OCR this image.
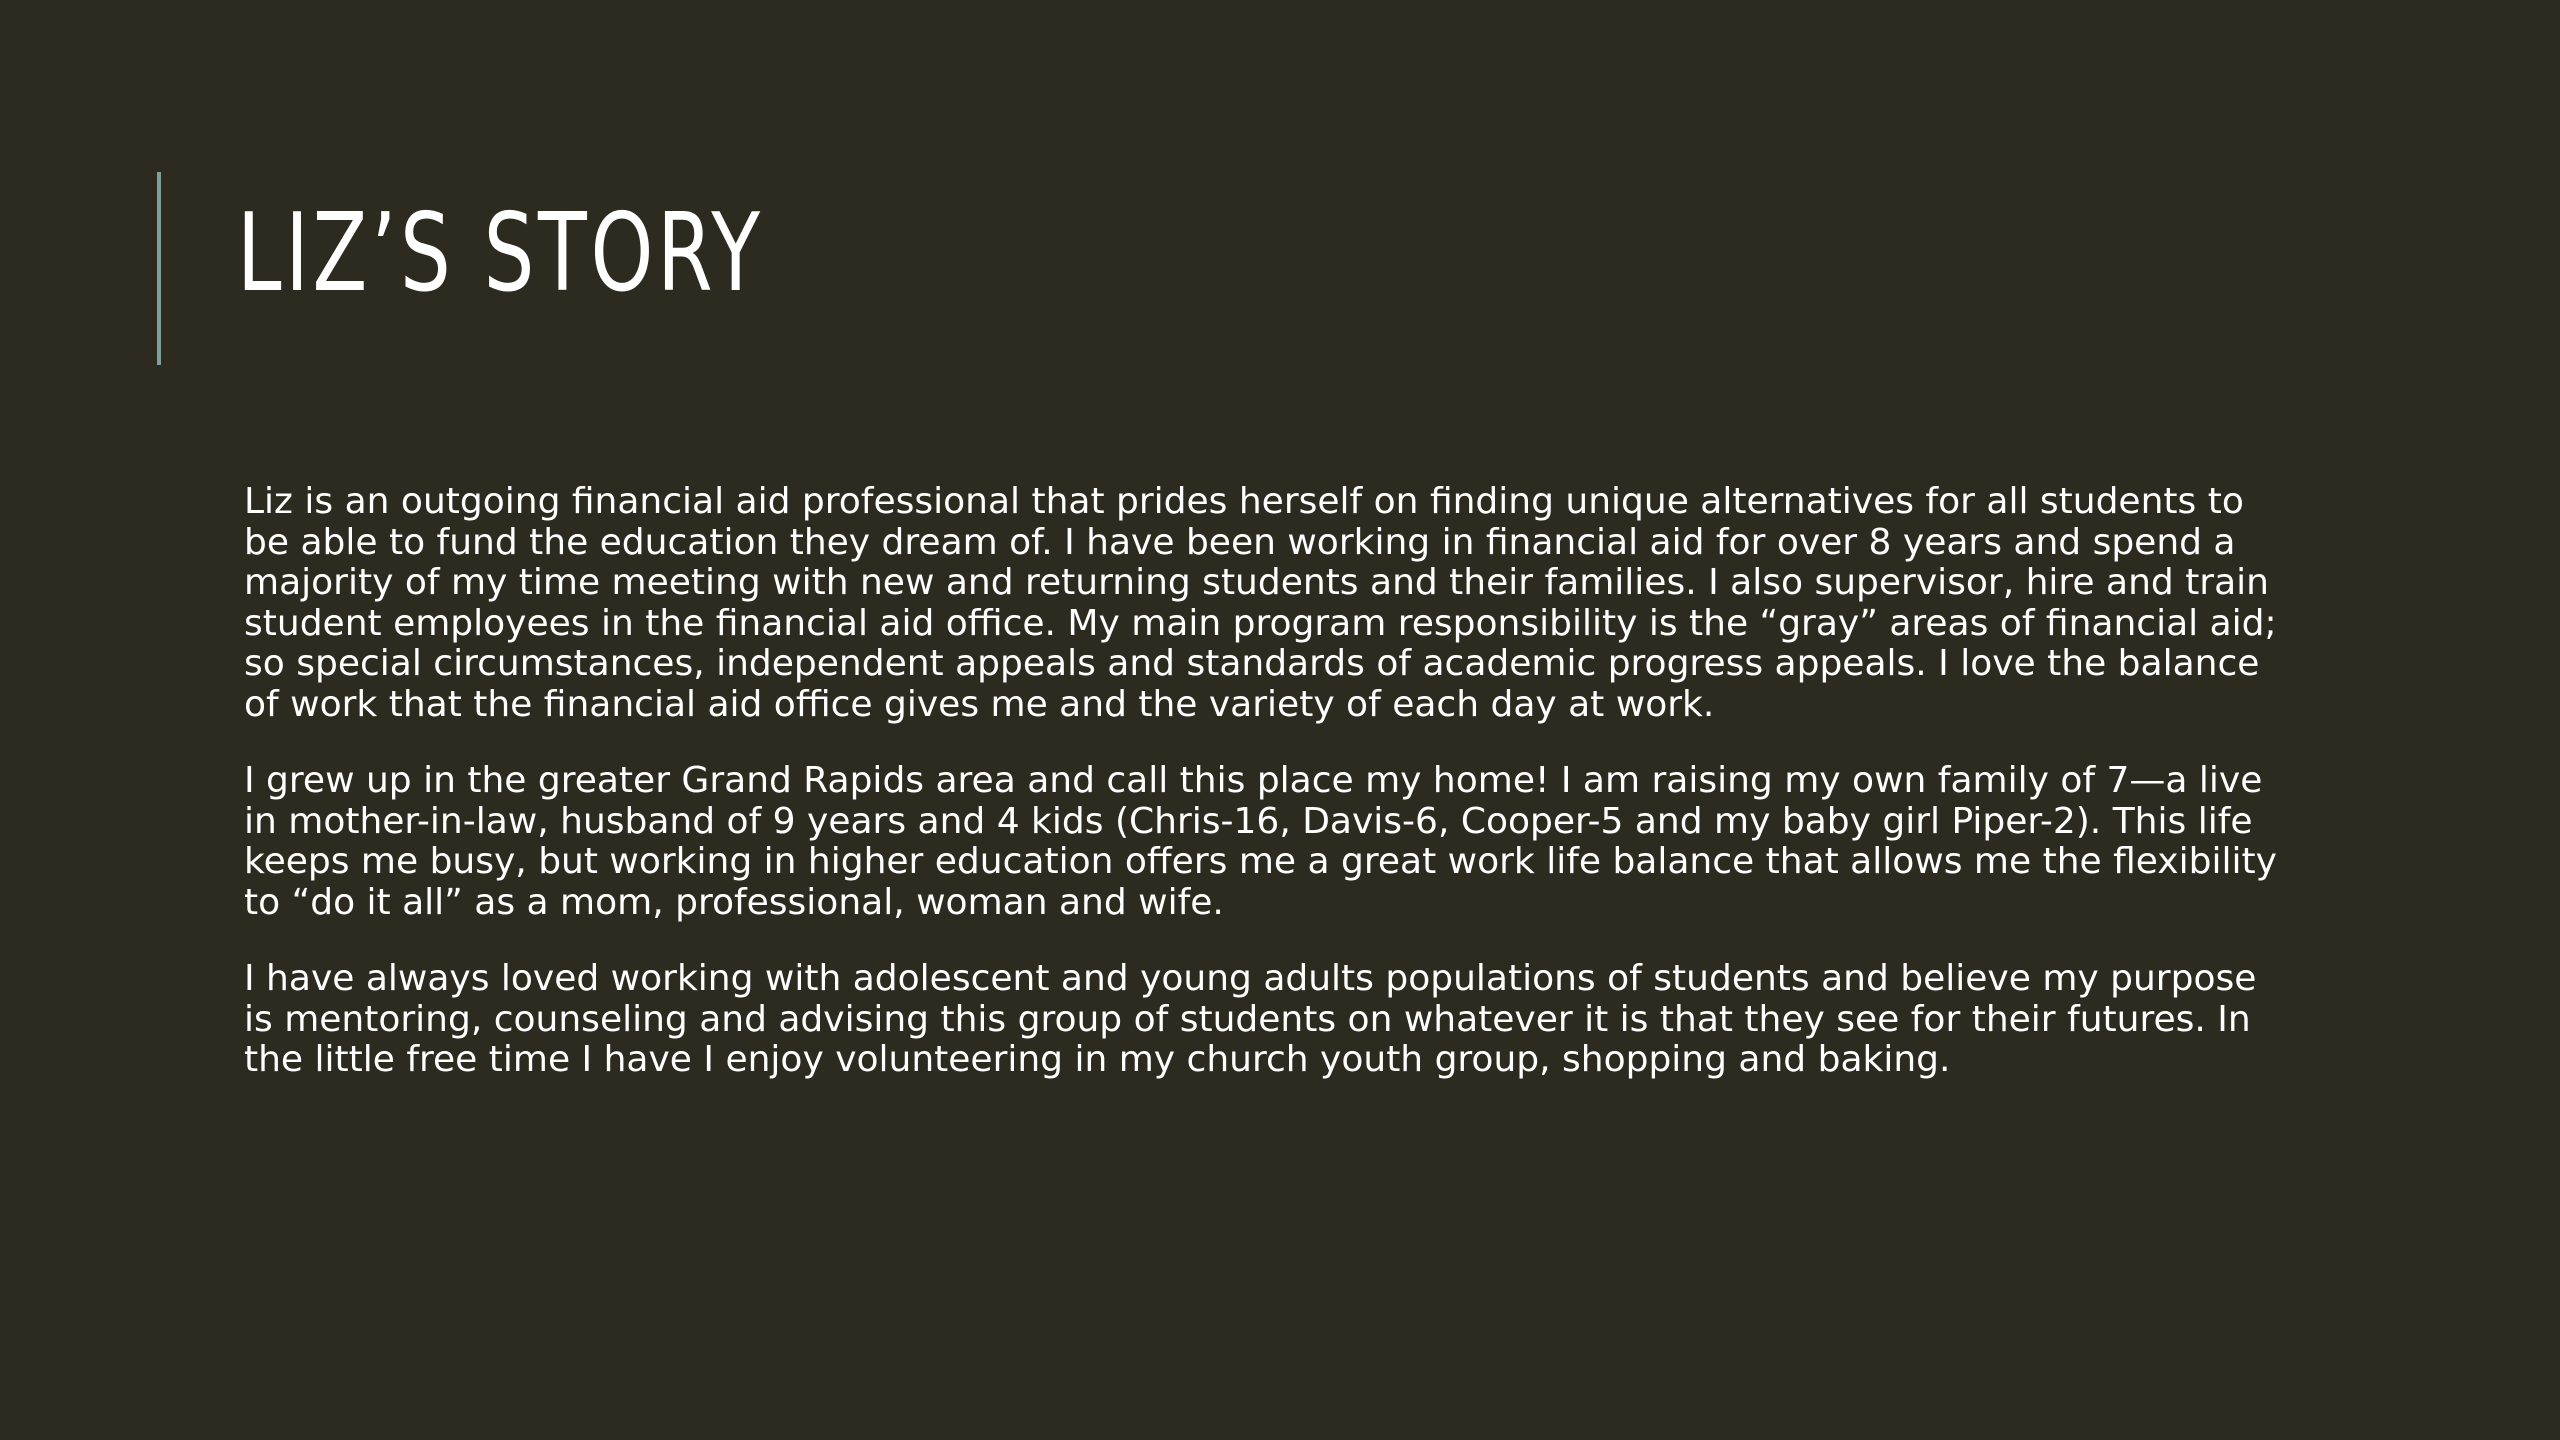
LIZ’S STORY

Liz is an outgoing financial aid professional that prides herself on finding unique alternatives for all students to be able to fund the education they dream of. I have been working in financial aid for over 8 years and spend a majority of my time meeting with new and returning students and their families. I also supervisor, hire and train student employees in the financial aid office. My main program responsibility is the “gray” areas of financial aid; so special circumstances, independent appeals and standards of academic progress appeals. I love the balance of work that the financial aid office gives me and the variety of each day at work.

I grew up in the greater Grand Rapids area and call this place my home! I am raising my own family of 7—a live in mother-in-law, husband of 9 years and 4 kids (Chris-16, Davis-6, Cooper-5 and my baby girl Piper-2). This life keeps me busy, but working in higher education offers me a great work life balance that allows me the flexibility to “do it all” as a mom, professional, woman and wife.

I have always loved working with adolescent and young adults populations of students and believe my purpose is mentoring, counseling and advising this group of students on whatever it is that they see for their futures. In the little free time I have I enjoy volunteering in my church youth group, shopping and baking.
